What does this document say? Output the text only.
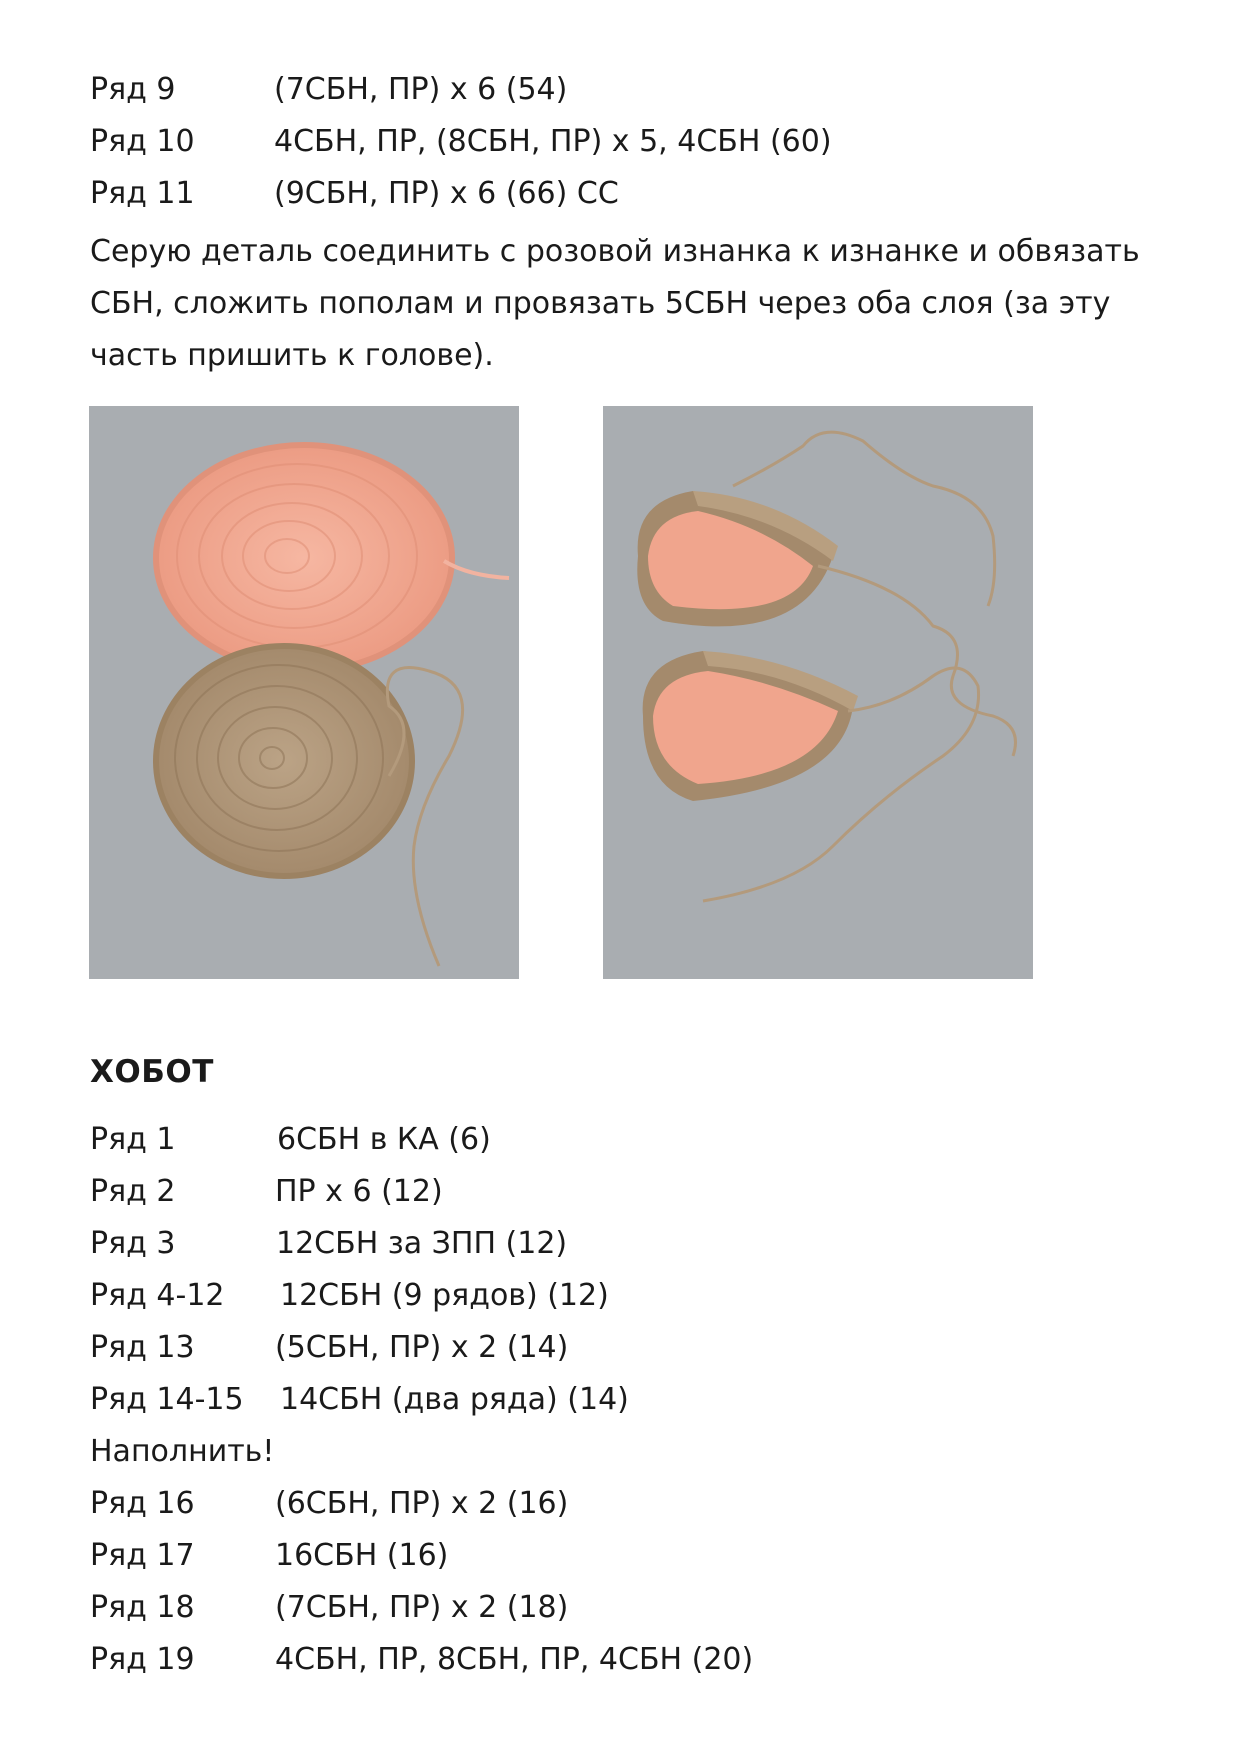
Ряд 9	(7СБН, ПР) х 6 (54)
Ряд 10	4СБН, ПР, (8СБН, ПР) х 5, 4СБН (60)
Ряд 11	(9СБН, ПР) х 6 (66) СС
Серую деталь соединить с розовой изнанка к изнанке и обвязать
СБН, сложить пополам и провязать 5СБН через оба слоя (за эту
часть пришить к голове).
ХОБОТ
Ряд 1	6СБН в КА (6)
Ряд 2	ПР х 6 (12)
Ряд 3	12СБН за ЗПП (12)
Ряд 4-12 12СБН (9 рядов) (12)
Ряд 13	(5СБН, ПР) х 2 (14)
Ряд 14-15 14СБН (два ряда) (14)
Наполнить!
Ряд 16	(6СБН, ПР) х 2 (16)
Ряд 17	16СБН (16)
Ряд 18	(7СБН, ПР) х 2 (18)
Ряд 19	4СБН, ПР, 8СБН, ПР, 4СБН (20)
